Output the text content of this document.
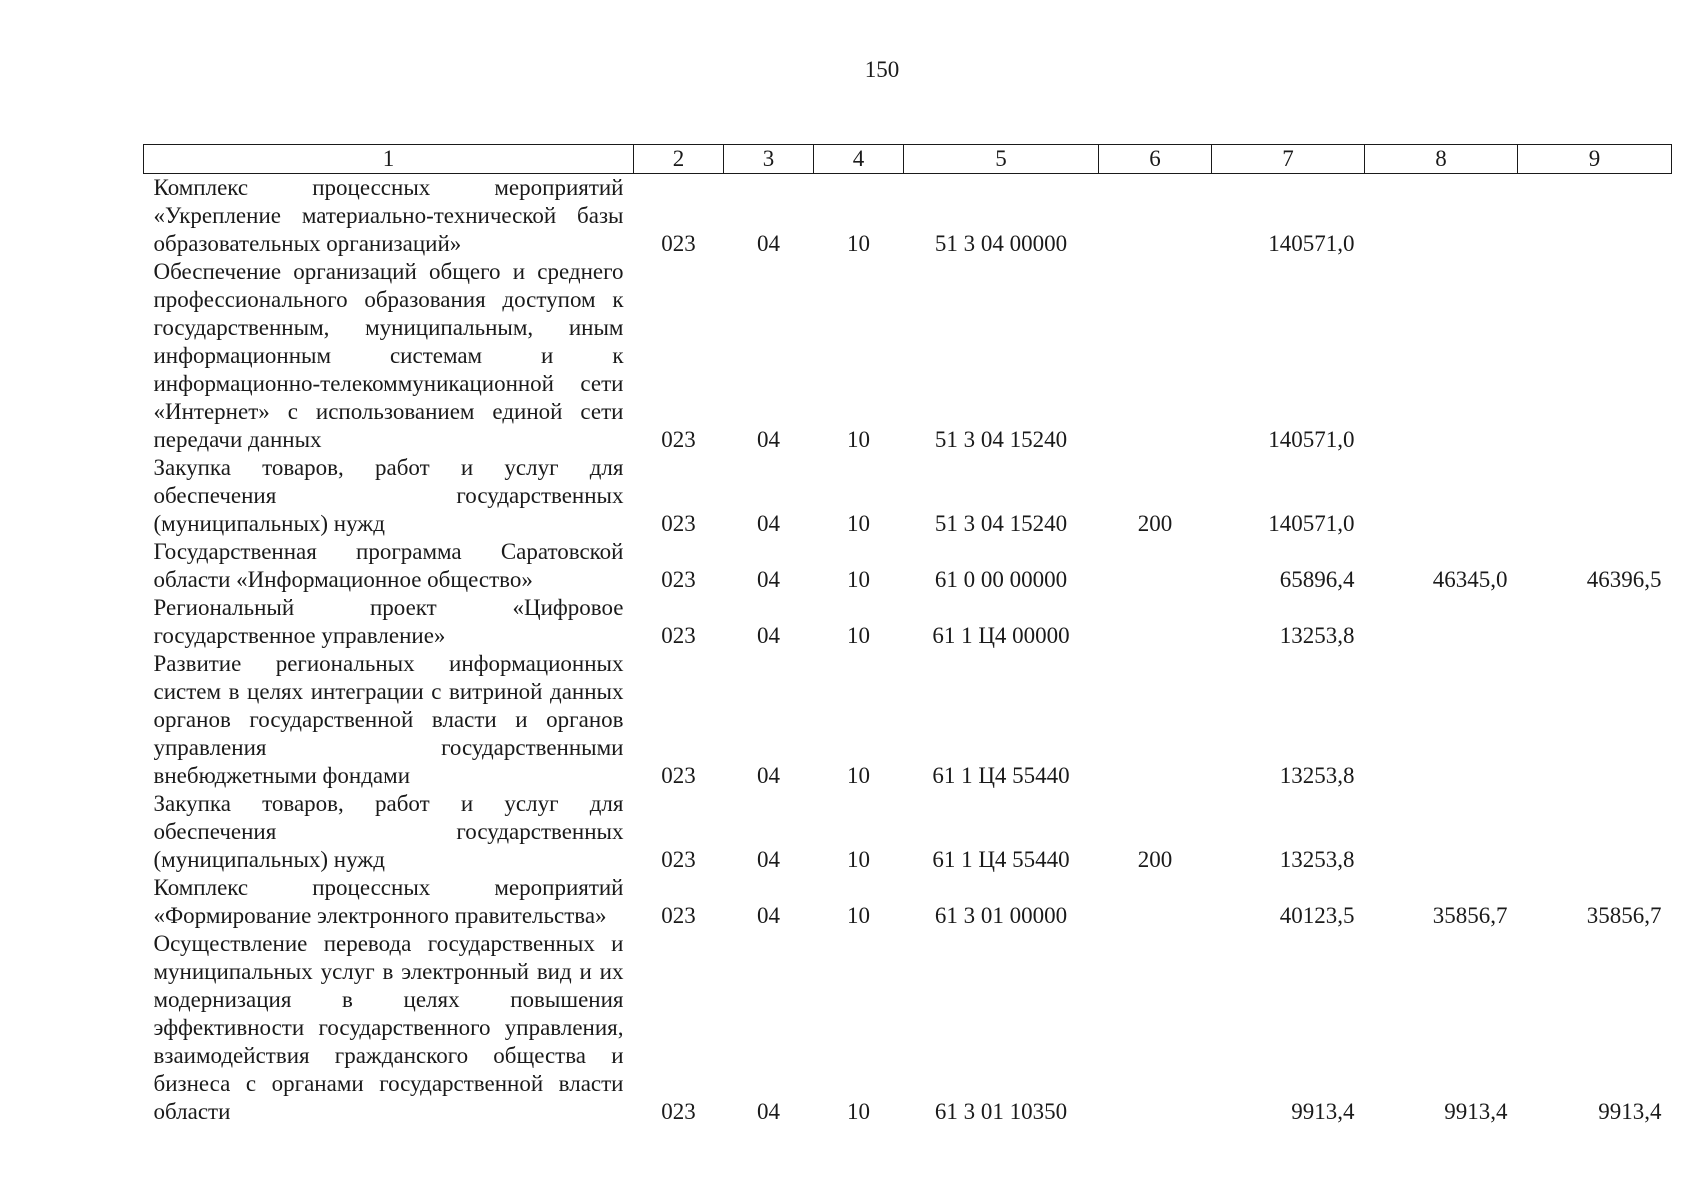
150
1	2	3	4	5	6	7	8	9
Комплекс процессных мероприятий «Укрепление материально-технической базы образовательных организаций»	023	04	10	51 3 04 00000		140571,0		
Обеспечение организаций общего и среднего профессионального образования доступом к государственным, муниципальным, иным информационным системам и к информационно-телекоммуникационной сети «Интернет» с использованием единой сети передачи данных	023	04	10	51 3 04 15240		140571,0		
Закупка товаров, работ и услуг для обеспечения государственных (муниципальных) нужд	023	04	10	51 3 04 15240	200	140571,0		
Государственная программа Саратовской области «Информационное общество»	023	04	10	61 0 00 00000		65896,4	46345,0	46396,5
Региональный проект «Цифровое государственное управление»	023	04	10	61 1 Ц4 00000		13253,8		
Развитие региональных информационных систем в целях интеграции с витриной данных органов государственной власти и органов управления государственными внебюджетными фондами	023	04	10	61 1 Ц4 55440		13253,8		
Закупка товаров, работ и услуг для обеспечения государственных (муниципальных) нужд	023	04	10	61 1 Ц4 55440	200	13253,8		
Комплекс процессных мероприятий «Формирование электронного правительства»	023	04	10	61 3 01 00000		40123,5	35856,7	35856,7
Осуществление перевода государственных и муниципальных услуг в электронный вид и их модернизация в целях повышения эффективности государственного управления, взаимодействия гражданского общества и бизнеса с органами государственной власти области	023	04	10	61 3 01 10350		9913,4	9913,4	9913,4
